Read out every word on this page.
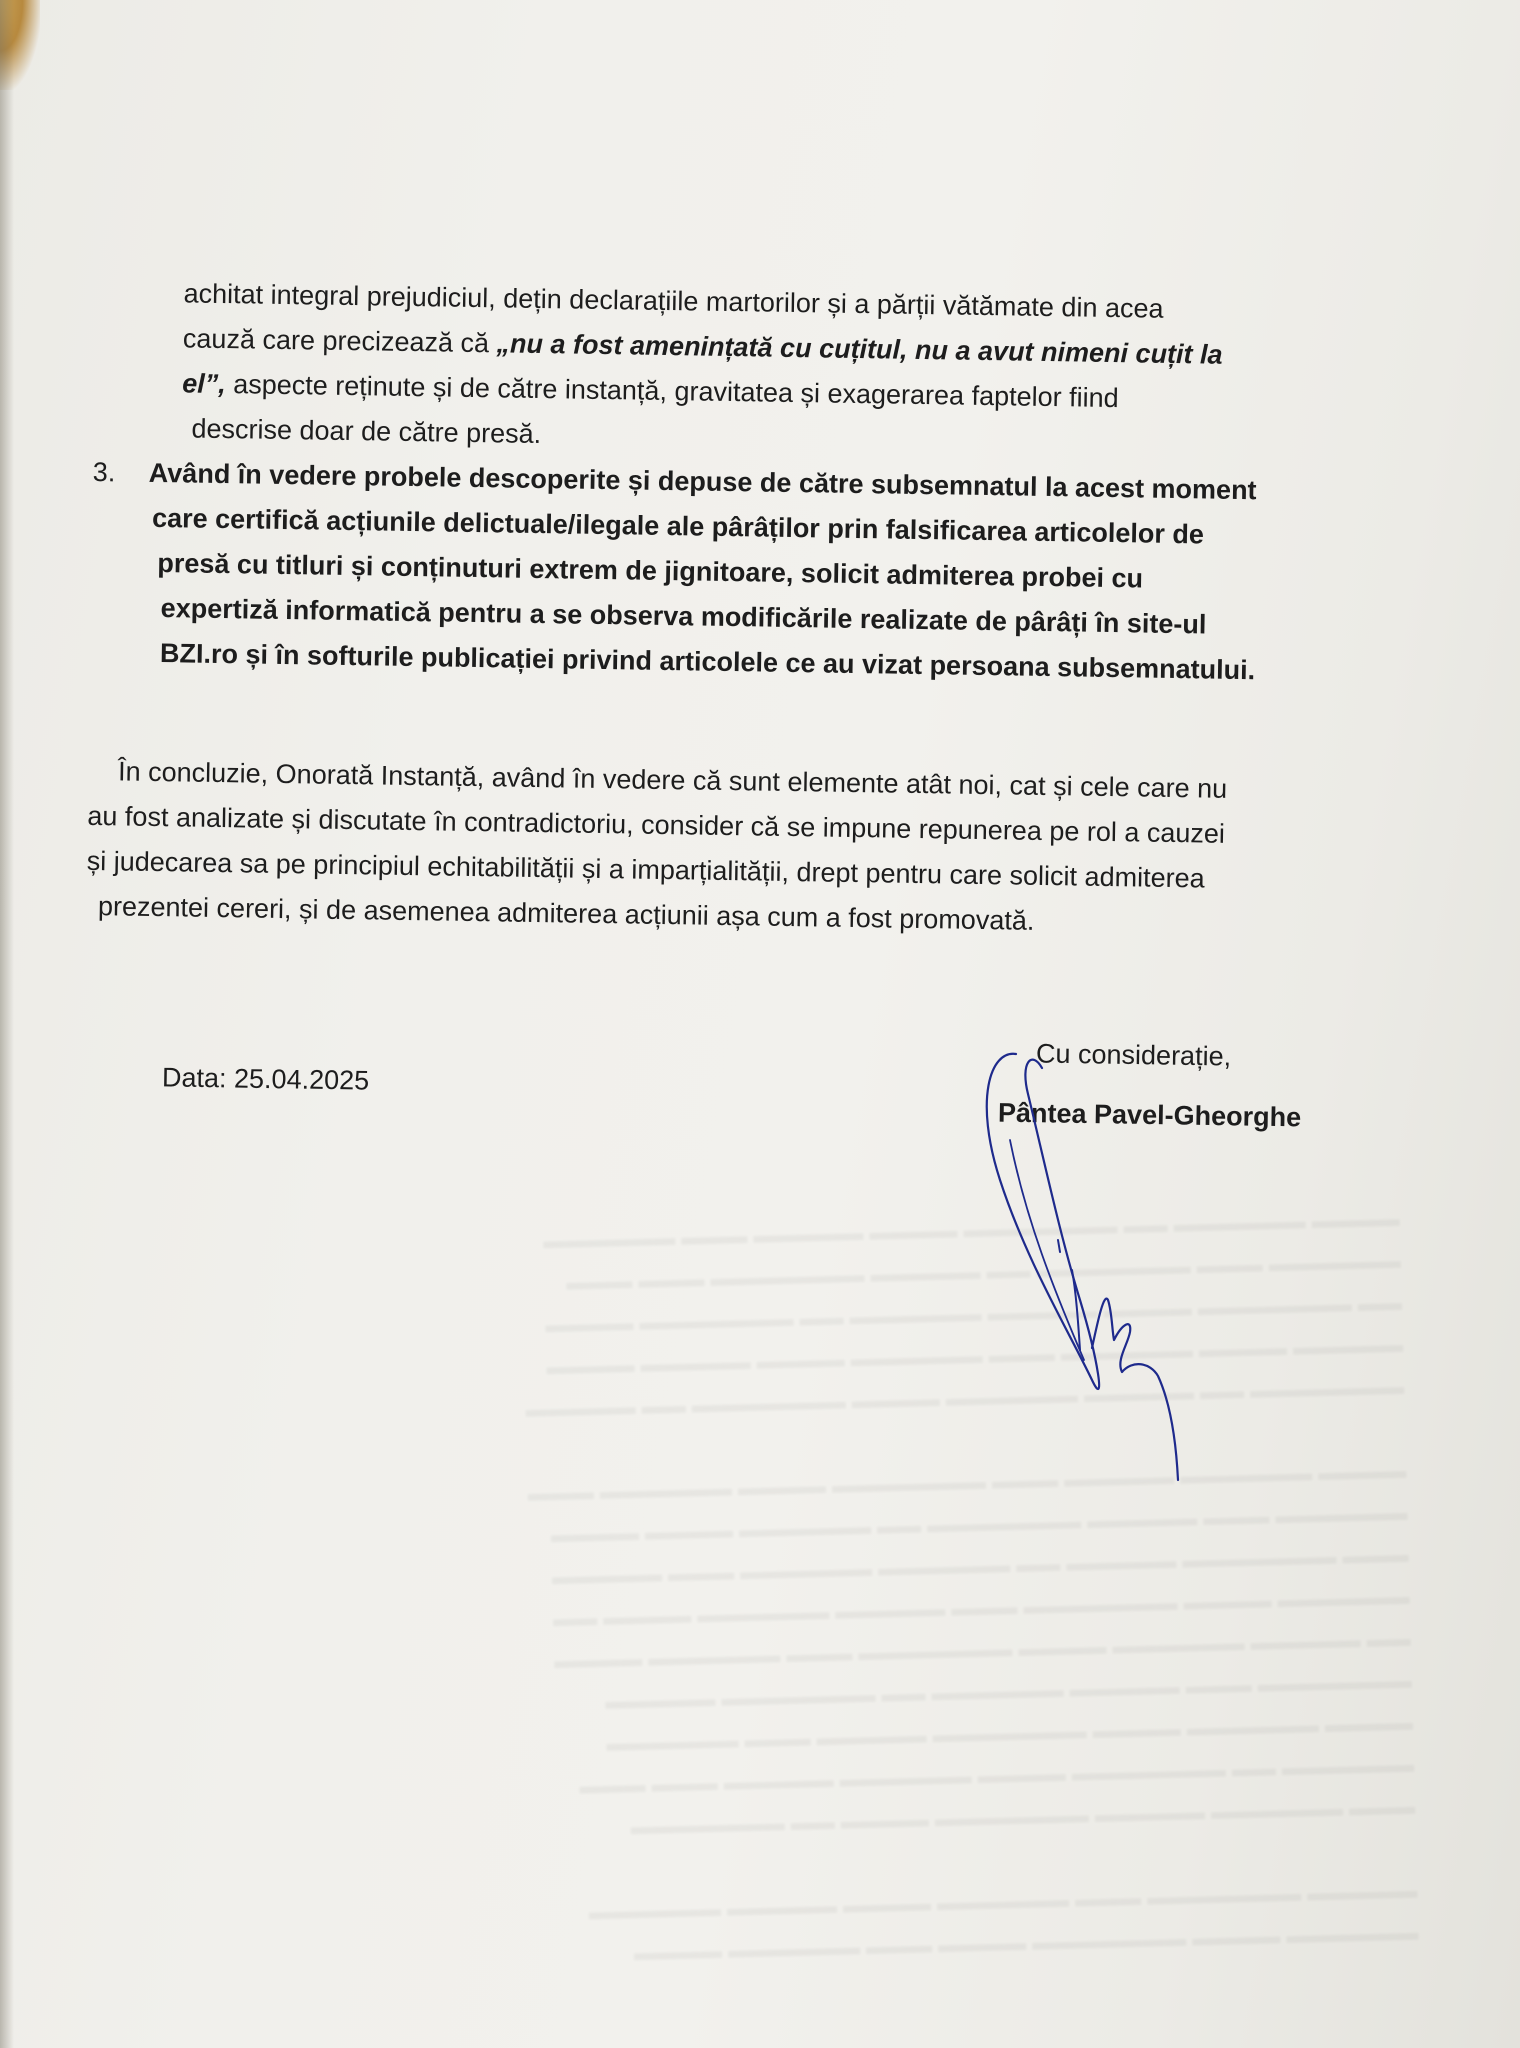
▬▬▬▬ ▬▬▬▬▬▬ ▬▬ ▬▬▬▬▬▬▬ ▬▬▬▬ ▬▬▬▬▬ ▬▬▬ ▬▬▬▬▬▬
▬▬▬▬▬▬ ▬▬▬ ▬▬▬▬▬▬▬ ▬▬ ▬▬▬▬▬ ▬▬▬▬▬▬▬ ▬▬▬ ▬▬▬
▬▬ ▬▬▬▬▬▬▬ ▬▬▬▬ ▬▬▬▬▬ ▬▬▬▬▬▬ ▬▬ ▬▬▬▬▬▬▬ ▬▬▬▬
▬▬▬▬▬ ▬▬▬▬ ▬▬▬▬▬▬ ▬▬▬ ▬▬▬▬▬▬ ▬▬▬▬ ▬▬▬▬▬ ▬▬▬▬
▬▬▬▬▬▬▬ ▬▬ ▬▬▬▬▬ ▬▬▬▬▬▬ ▬▬▬▬ ▬▬▬▬▬▬▬ ▬▬ ▬▬▬▬▬
▬▬▬▬ ▬▬▬▬▬▬ ▬▬▬▬▬ ▬▬▬ ▬▬▬▬▬▬▬ ▬▬▬▬ ▬▬▬▬▬▬ ▬▬▬
▬▬▬▬▬▬ ▬▬▬ ▬▬▬▬▬ ▬▬▬▬▬▬▬ ▬▬ ▬▬▬▬▬▬ ▬▬▬▬ ▬▬▬▬
▬▬▬ ▬▬▬▬▬▬▬ ▬▬▬▬▬ ▬▬ ▬▬▬▬▬▬ ▬▬▬▬▬▬ ▬▬▬ ▬▬▬▬▬
▬▬▬▬▬▬ ▬▬▬▬ ▬▬▬▬▬▬▬ ▬▬▬ ▬▬▬▬▬ ▬▬▬▬▬▬ ▬▬▬▬ ▬▬
▬▬ ▬▬▬▬▬ ▬▬▬▬▬▬ ▬▬▬▬ ▬▬▬▬▬▬▬ ▬▬▬ ▬▬▬▬▬▬ ▬▬▬▬
▬▬▬▬▬▬▬ ▬▬▬ ▬▬▬▬▬ ▬▬▬▬▬▬ ▬▬ ▬▬▬▬▬▬▬ ▬▬▬▬▬
▬▬▬▬ ▬▬▬▬▬▬ ▬▬▬▬ ▬▬▬▬▬▬▬ ▬▬▬▬▬ ▬▬▬ ▬▬▬▬▬▬
▬▬▬▬▬▬ ▬▬ ▬▬▬▬▬▬▬ ▬▬▬▬ ▬▬▬▬▬▬ ▬▬▬▬▬ ▬▬▬ ▬▬▬
▬▬▬ ▬▬▬▬▬▬ ▬▬▬▬▬ ▬▬▬▬▬▬▬ ▬▬▬▬ ▬▬ ▬▬▬▬▬▬▬
▬▬▬▬▬ ▬▬▬▬▬▬▬ ▬▬▬ ▬▬▬▬▬▬ ▬▬▬▬ ▬▬▬▬▬ ▬▬▬▬▬▬
▬▬▬▬▬▬ ▬▬▬▬ ▬▬▬▬▬▬▬ ▬▬▬▬ ▬▬▬ ▬▬▬▬▬▬ ▬▬▬▬
achitat integral prejudiciul, dețin declarațiile martorilor și a părții vătămate din acea
cauză care precizează că „nu a fost amenințată cu cuțitul, nu a avut nimeni cuțit la
el”, aspecte reținute și de către instanță, gravitatea și exagerarea faptelor fiind
descrise doar de către presă.
3. Având în vedere probele descoperite și depuse de către subsemnatul la acest moment
care certifică acțiunile delictuale/ilegale ale pârâților prin falsificarea articolelor de
presă cu titluri și conținuturi extrem de jignitoare, solicit admiterea probei cu
expertiză informatică pentru a se observa modificările realizate de pârâți în site-ul
BZI.ro și în softurile publicației privind articolele ce au vizat persoana subsemnatului.
În concluzie, Onorată Instanță, având în vedere că sunt elemente atât noi, cat și cele care nu
au fost analizate și discutate în contradictoriu, consider că se impune repunerea pe rol a cauzei
și judecarea sa pe principiul echitabilității și a imparțialității, drept pentru care solicit admiterea
prezentei cereri, și de asemenea admiterea acțiunii așa cum a fost promovată.
Data: 25.04.2025
Cu considerație,
Pântea Pavel-Gheorghe
